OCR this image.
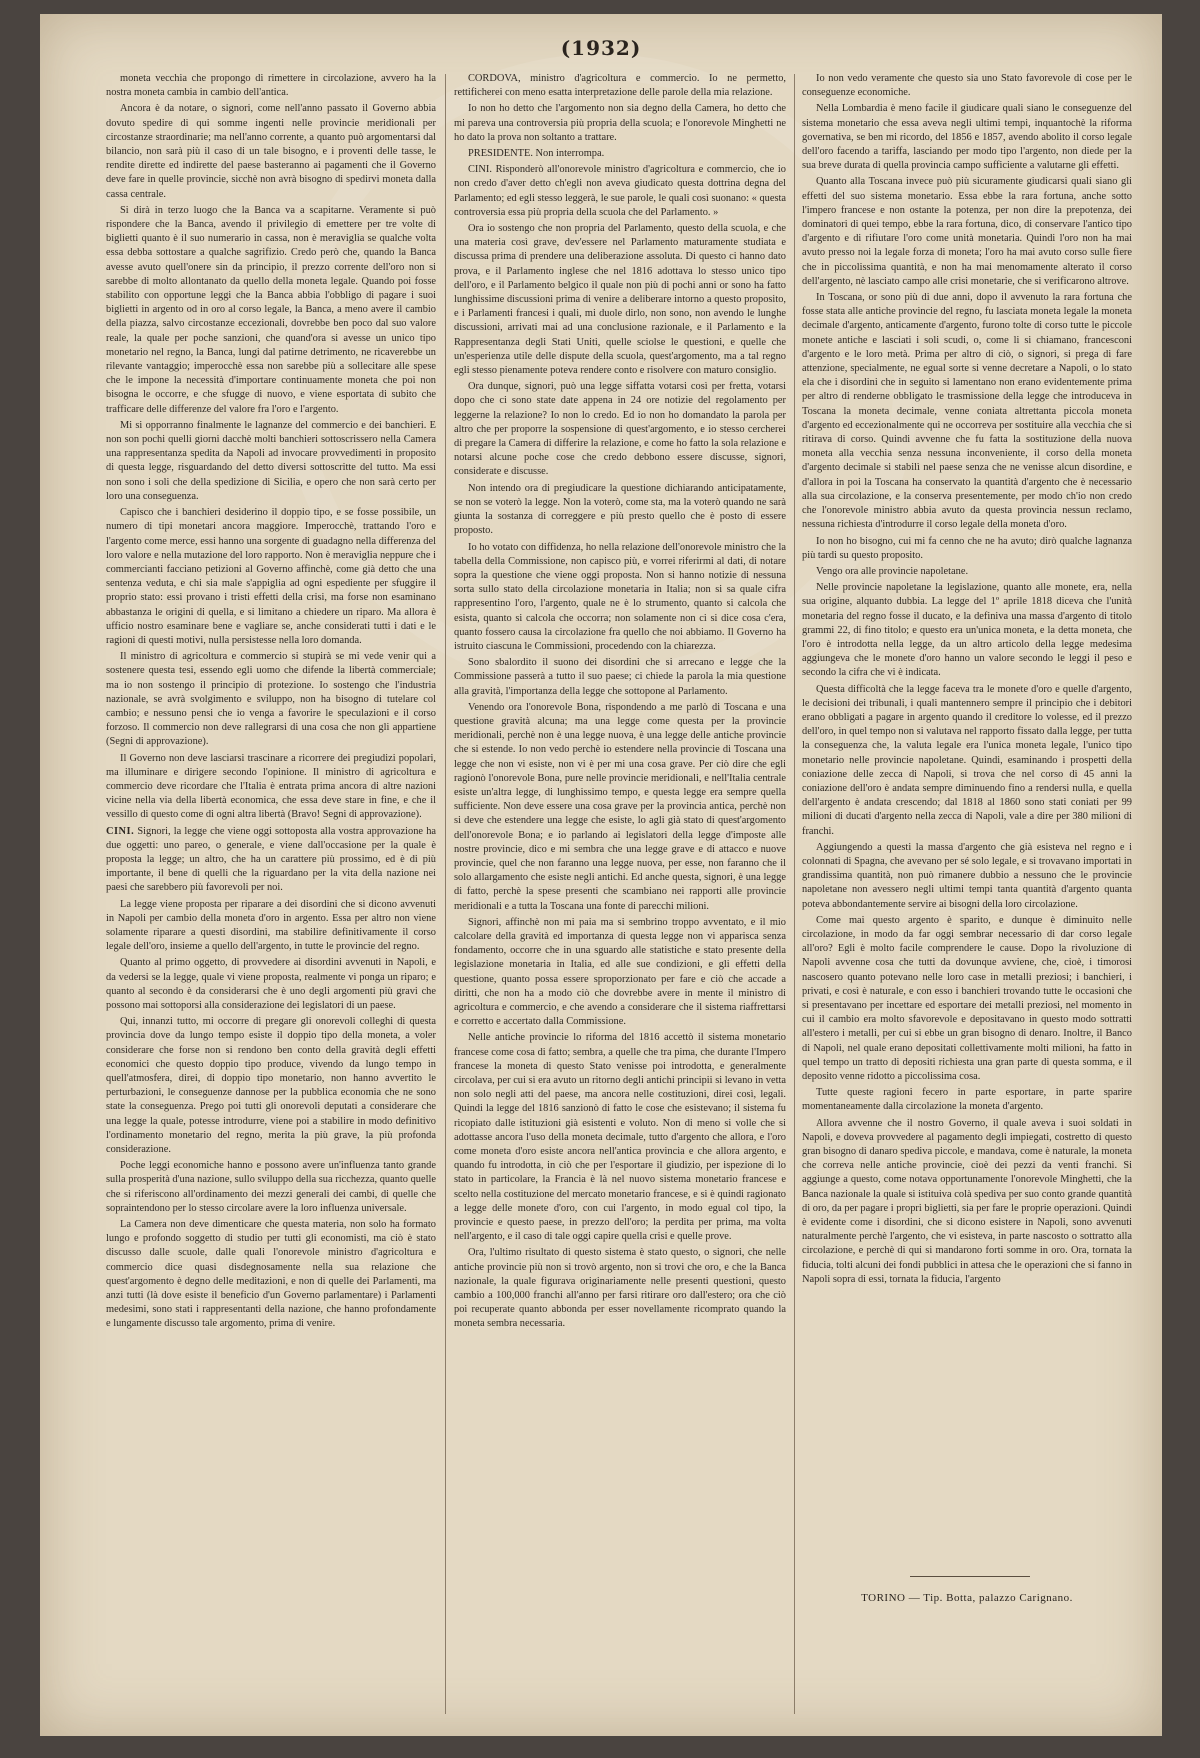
(1932)

moneta vecchia che propongo di rimettere in circolazione, avvero ha la nostra moneta cambia in cambio dell'antica.

Ancora è da notare, o signori, come nell'anno passato il Governo abbia dovuto spedire di qui somme ingenti nelle provincie meridionali per circostanze straordinarie; ma nell'anno corrente, a quanto può argomentarsi dal bilancio, non sarà più il caso di un tale bisogno, e i proventi delle tasse, le rendite dirette ed indirette del paese basteranno ai pagamenti che il Governo deve fare in quelle provincie, sicchè non avrà bisogno di spedirvi moneta dalla cassa centrale.

Si dirà in terzo luogo che la Banca va a scapitarne. Veramente si può rispondere che la Banca, avendo il privilegio di emettere per tre volte di biglietti quanto è il suo numerario in cassa, non è meraviglia se qualche volta essa debba sottostare a qualche sagrifizio. Credo però che, quando la Banca avesse avuto quell'onere sin da principio, il prezzo corrente dell'oro non si sarebbe di molto allontanato da quello della moneta legale. Quando poi fosse stabilito con opportune leggi che la Banca abbia l'obbligo di pagare i suoi biglietti in argento od in oro al corso legale, la Banca, a meno avere il cambio della piazza, salvo circostanze eccezionali, dovrebbe ben poco dal suo valore reale, la quale per poche sanzioni, che quand'ora si avesse un unico tipo monetario nel regno, la Banca, lungi dal patirne detrimento, ne ricaverebbe un rilevante vantaggio; imperocchè essa non sarebbe più a sollecitare alle spese che le impone la necessità d'importare continuamente moneta che poi non bisogna le occorre, e che sfugge di nuovo, e viene esportata di subito che trafficare delle differenze del valore fra l'oro e l'argento.

Mi si opporranno finalmente le lagnanze del commercio e dei banchieri. E non son pochi quelli giorni dacchè molti banchieri sottoscrissero nella Camera una rappresentanza spedita da Napoli ad invocare provvedimenti in proposito di questa legge, risguardando del detto diversi sottoscritte del tutto. Ma essi non sono i soli che della spedizione di Sicilia, e opero che non sarà certo per loro una conseguenza.

Capisco che i banchieri desiderino il doppio tipo, e se fosse possibile, un numero di tipi monetari ancora maggiore. Imperocchè, trattando l'oro e l'argento come merce, essi hanno una sorgente di guadagno nella differenza del loro valore e nella mutazione del loro rapporto. Non è meraviglia neppure che i commercianti facciano petizioni al Governo affinchè, come già detto che una sentenza veduta, e chi sia male s'appiglia ad ogni espediente per sfuggire il proprio stato: essi provano i tristi effetti della crisi, ma forse non esaminano abbastanza le origini di quella, e si limitano a chiedere un riparo. Ma allora è ufficio nostro esaminare bene e vagliare se, anche considerati tutti i dati e le ragioni di questi motivi, nulla persistesse nella loro domanda.

Il ministro di agricoltura e commercio si stupirà se mi vede venir qui a sostenere questa tesi, essendo egli uomo che difende la libertà commerciale; ma io non sostengo il principio di protezione. Io sostengo che l'industria nazionale, se avrà svolgimento e sviluppo, non ha bisogno di tutelare col cambio; e nessuno pensi che io venga a favorire le speculazioni e il corso forzoso. Il commercio non deve rallegrarsi di una cosa che non gli appartiene (Segni di approvazione).

Il Governo non deve lasciarsi trascinare a ricorrere dei pregiudizi popolari, ma illuminare e dirigere secondo l'opinione. Il ministro di agricoltura e commercio deve ricordare che l'Italia è entrata prima ancora di altre nazioni vicine nella via della libertà economica, che essa deve stare in fine, e che il vessillo di questo come di ogni altra libertà (Bravo! Segni di approvazione).

CINI. Signori, la legge che viene oggi sottoposta alla vostra approvazione ha due oggetti: uno pareo, o generale, e viene dall'occasione per la quale è proposta la legge; un altro, che ha un carattere più prossimo, ed è di più importante, il bene di quelli che la riguardano per la vita della nazione nei paesi che sarebbero più favorevoli per noi.

La legge viene proposta per riparare a dei disordini che si dicono avvenuti in Napoli per cambio della moneta d'oro in argento. Essa per altro non viene solamente riparare a questi disordini, ma stabilire definitivamente il corso legale dell'oro, insieme a quello dell'argento, in tutte le provincie del regno.

Quanto al primo oggetto, di provvedere ai disordini avvenuti in Napoli, e da vedersi se la legge, quale vi viene proposta, realmente vi ponga un riparo; e quanto al secondo è da considerarsi che è uno degli argomenti più gravi che possono mai sottoporsi alla considerazione dei legislatori di un paese.

Qui, innanzi tutto, mi occorre di pregare gli onorevoli colleghi di questa provincia dove da lungo tempo esiste il doppio tipo della moneta, a voler considerare che forse non si rendono ben conto della gravità degli effetti economici che questo doppio tipo produce, vivendo da lungo tempo in quell'atmosfera, direi, di doppio tipo monetario, non hanno avvertito le perturbazioni, le conseguenze dannose per la pubblica economia che ne sono state la conseguenza. Prego poi tutti gli onorevoli deputati a considerare che una legge la quale, potesse introdurre, viene poi a stabilire in modo definitivo l'ordinamento monetario del regno, merita la più grave, la più profonda considerazione.

Poche leggi economiche hanno e possono avere un'influenza tanto grande sulla prosperità d'una nazione, sullo sviluppo della sua ricchezza, quanto quelle che si riferiscono all'ordinamento dei mezzi generali dei cambi, di quelle che sopraintendono per lo stesso circolare avere la loro influenza universale.

La Camera non deve dimenticare che questa materia, non solo ha formato lungo e profondo soggetto di studio per tutti gli economisti, ma ciò è stato discusso dalle scuole, dalle quali l'onorevole ministro d'agricoltura e commercio dice quasi disdegnosamente nella sua relazione che quest'argomento è degno delle meditazioni, e non di quelle dei Parlamenti, ma anzi tutti (là dove esiste il beneficio d'un Governo parlamentare) i Parlamenti medesimi, sono stati i rappresentanti della nazione, che hanno profondamente e lungamente discusso tale argomento, prima di venire.

CORDOVA, ministro d'agricoltura e commercio. Io ne permetto, rettificherei con meno esatta interpretazione delle parole della mia relazione.

Io non ho detto che l'argomento non sia degno della Camera, ho detto che mi pareva una controversia più propria della scuola; e l'onorevole Minghetti ne ho dato la prova non soltanto a trattare.

PRESIDENTE. Non interrompa.

CINI. Risponderò all'onorevole ministro d'agricoltura e commercio, che io non credo d'aver detto ch'egli non aveva giudicato questa dottrina degna del Parlamento; ed egli stesso leggerà, le sue parole, le quali così suonano: « questa controversia essa più propria della scuola che del Parlamento. »

Ora io sostengo che non propria del Parlamento, questo della scuola, e che una materia così grave, dev'essere nel Parlamento maturamente studiata e discussa prima di prendere una deliberazione assoluta. Di questo ci hanno dato prova, e il Parlamento inglese che nel 1816 adottava lo stesso unico tipo dell'oro, e il Parlamento belgico il quale non più di pochi anni or sono ha fatto lunghissime discussioni prima di venire a deliberare intorno a questo proposito, e i Parlamenti francesi i quali, mi duole dirlo, non sono, non avendo le lunghe discussioni, arrivati mai ad una conclusione razionale, e il Parlamento e la Rappresentanza degli Stati Uniti, quelle sciolse le questioni, e quelle che un'esperienza utile delle dispute della scuola, quest'argomento, ma a tal regno egli stesso pienamente poteva rendere conto e risolvere con maturo consiglio.

Ora dunque, signori, può una legge siffatta votarsi così per fretta, votarsi dopo che ci sono state date appena in 24 ore notizie del regolamento per leggerne la relazione? Io non lo credo. Ed io non ho domandato la parola per altro che per proporre la sospensione di quest'argomento, e io stesso cercherei di pregare la Camera di differire la relazione, e come ho fatto la sola relazione e notarsi alcune poche cose che credo debbono essere discusse, signori, considerate e discusse.

Non intendo ora di pregiudicare la questione dichiarando anticipatamente, se non se voterò la legge. Non la voterò, come sta, ma la voterò quando ne sarà giunta la sostanza di correggere e più presto quello che è posto di essere proposto.

Io ho votato con diffidenza, ho nella relazione dell'onorevole ministro che la tabella della Commissione, non capisco più, e vorrei riferirmi al dati, di notare sopra la questione che viene oggi proposta. Non si hanno notizie di nessuna sorta sullo stato della circolazione monetaria in Italia; non si sa quale cifra rappresentino l'oro, l'argento, quale ne è lo strumento, quanto si calcola che esista, quanto si calcola che occorra; non solamente non ci si dice cosa c'era, quanto fossero causa la circolazione fra quello che noi abbiamo. Il Governo ha istruito ciascuna le Commissioni, procedendo con la chiarezza.

Sono sbalordito il suono dei disordini che si arrecano e legge che la Commissione passerà a tutto il suo paese; ci chiede la parola la mia questione alla gravità, l'importanza della legge che sottopone al Parlamento.

Venendo ora l'onorevole Bona, rispondendo a me parlò di Toscana e una questione gravità alcuna; ma una legge come questa per la provincie meridionali, perchè non è una legge nuova, è una legge delle antiche provincie che si estende. Io non vedo perchè io estendere nella provincie di Toscana una legge che non vi esiste, non vi è per mi una cosa grave. Per ciò dire che egli ragionò l'onorevole Bona, pure nelle provincie meridionali, e nell'Italia centrale esiste un'altra legge, di lunghissimo tempo, e questa legge era sempre quella sufficiente. Non deve essere una cosa grave per la provincia antica, perchè non si deve che estendere una legge che esiste, lo agli già stato di quest'argomento dell'onorevole Bona; e io parlando ai legislatori della legge d'imposte alle nostre provincie, dico e mi sembra che una legge grave e di attacco e nuove provincie, quel che non faranno una legge nuova, per esse, non faranno che il solo allargamento che esiste negli antichi. Ed anche questa, signori, è una legge di fatto, perchè la spese presenti che scambiano nei rapporti alle provincie meridionali e a tutta la Toscana una fonte di parecchi milioni.

Signori, affinchè non mi paia ma si sembrino troppo avventato, e il mio calcolare della gravità ed importanza di questa legge non vi apparisca senza fondamento, occorre che in una sguardo alle statistiche e stato presente della legislazione monetaria in Italia, ed alle sue condizioni, e gli effetti della questione, quanto possa essere sproporzionato per fare e ciò che accade a diritti, che non ha a modo ciò che dovrebbe avere in mente il ministro di agricoltura e commercio, e che avendo a considerare che il sistema riaffrettarsi e corretto e accertato dalla Commissione.

Nelle antiche provincie lo riforma del 1816 accettò il sistema monetario francese come cosa di fatto; sembra, a quelle che tra pima, che durante l'Impero francese la moneta di questo Stato venisse poi introdotta, e generalmente circolava, per cui si era avuto un ritorno degli antichi principii si levano in vetta non solo negli atti del paese, ma ancora nelle costituzioni, direi così, legali. Quindi la legge del 1816 sanzionò di fatto le cose che esistevano; il sistema fu ricopiato dalle istituzioni già esistenti e voluto. Non di meno si volle che si adottasse ancora l'uso della moneta decimale, tutto d'argento che allora, e l'oro come moneta d'oro esiste ancora nell'antica provincia e che allora argento, e quando fu introdotta, in ciò che per l'esportare il giudizio, per ispezione di lo stato in particolare, la Francia è là nel nuovo sistema monetario francese e scelto nella costituzione del mercato monetario francese, e si è quindi ragionato a legge delle monete d'oro, con cui l'argento, in modo egual col tipo, la provincie e questo paese, in prezzo dell'oro; la perdita per prima, ma volta nell'argento, e il caso di tale oggi capire quella crisi e quelle prove.

Ora, l'ultimo risultato di questo sistema è stato questo, o signori, che nelle antiche provincie più non si trovò argento, non si trovi che oro, e che la Banca nazionale, la quale figurava originariamente nelle presenti questioni, questo cambio a 100,000 franchi all'anno per farsi ritirare oro dall'estero; ora che ciò poi recuperate quanto abbonda per esser novellamente ricomprato quando la moneta sembra necessaria.

Io non vedo veramente che questo sia uno Stato favorevole di cose per le conseguenze economiche.

Nella Lombardia è meno facile il giudicare quali siano le conseguenze del sistema monetario che essa aveva negli ultimi tempi, inquantochè la riforma governativa, se ben mi ricordo, del 1856 e 1857, avendo abolito il corso legale dell'oro facendo a tariffa, lasciando per modo tipo l'argento, non diede per la sua breve durata di quella provincia campo sufficiente a valutarne gli effetti.

Quanto alla Toscana invece può più sicuramente giudicarsi quali siano gli effetti del suo sistema monetario. Essa ebbe la rara fortuna, anche sotto l'impero francese e non ostante la potenza, per non dire la prepotenza, dei dominatori di quei tempo, ebbe la rara fortuna, dico, di conservare l'antico tipo d'argento e di rifiutare l'oro come unità monetaria. Quindi l'oro non ha mai avuto presso noi la legale forza di moneta; l'oro ha mai avuto corso sulle fiere che in piccolissima quantità, e non ha mai menomamente alterato il corso dell'argento, nè lasciato campo alle crisi monetarie, che si verificarono altrove.

In Toscana, or sono più di due anni, dopo il avvenuto la rara fortuna che fosse stata alle antiche provincie del regno, fu lasciata moneta legale la moneta decimale d'argento, anticamente d'argento, furono tolte di corso tutte le piccole monete antiche e lasciati i soli scudi, o, come li si chiamano, francesconi d'argento e le loro metà. Prima per altro di ciò, o signori, si prega di fare attenzione, specialmente, ne egual sorte si venne decretare a Napoli, o lo stato ela che i disordini che in seguito si lamentano non erano evidentemente prima per altro di renderne obbligato le trasmissione della legge che introduceva in Toscana la moneta decimale, venne coniata altrettanta piccola moneta d'argento ed eccezionalmente qui ne occorreva per sostituire alla vecchia che si ritirava di corso. Quindi avvenne che fu fatta la sostituzione della nuova moneta alla vecchia senza nessuna inconveniente, il corso della moneta d'argento decimale si stabilì nel paese senza che ne venisse alcun disordine, e d'allora in poi la Toscana ha conservato la quantità d'argento che è necessario alla sua circolazione, e la conserva presentemente, per modo ch'io non credo che l'onorevole ministro abbia avuto da questa provincia nessun reclamo, nessuna richiesta d'introdurre il corso legale della moneta d'oro.

Io non ho bisogno, cui mi fa cenno che ne ha avuto; dirò qualche lagnanza più tardi su questo proposito.

Vengo ora alle provincie napoletane.

Nelle provincie napoletane la legislazione, quanto alle monete, era, nella sua origine, alquanto dubbia. La legge del 1º aprile 1818 diceva che l'unità monetaria del regno fosse il ducato, e la definiva una massa d'argento di titolo grammi 22, di fino titolo; e questo era un'unica moneta, e la detta moneta, che l'oro è introdotta nella legge, da un altro articolo della legge medesima aggiungeva che le monete d'oro hanno un valore secondo le leggi il peso e secondo la cifra che vi è indicata.

Questa difficoltà che la legge faceva tra le monete d'oro e quelle d'argento, le decisioni dei tribunali, i quali mantennero sempre il principio che i debitori erano obbligati a pagare in argento quando il creditore lo volesse, ed il prezzo dell'oro, in quel tempo non si valutava nel rapporto fissato dalla legge, per tutta la conseguenza che, la valuta legale era l'unica moneta legale, l'unico tipo monetario nelle provincie napoletane. Quindi, esaminando i prospetti della coniazione delle zecca di Napoli, si trova che nel corso di 45 anni la coniazione dell'oro è andata sempre diminuendo fino a rendersi nulla, e quella dell'argento è andata crescendo; dal 1818 al 1860 sono stati coniati per 99 milioni di ducati d'argento nella zecca di Napoli, vale a dire per 380 milioni di franchi.

Aggiungendo a questi la massa d'argento che già esisteva nel regno e i colonnati di Spagna, che avevano per sé solo legale, e si trovavano importati in grandissima quantità, non può rimanere dubbio a nessuno che le provincie napoletane non avessero negli ultimi tempi tanta quantità d'argento quanta poteva abbondantemente servire ai bisogni della loro circolazione.

Come mai questo argento è sparito, e dunque è diminuito nelle circolazione, in modo da far oggi sembrar necessario di dar corso legale all'oro? Egli è molto facile comprendere le cause. Dopo la rivoluzione di Napoli avvenne cosa che tutti da dovunque avviene, che, cioè, i timorosi nascosero quanto potevano nelle loro case in metalli preziosi; i banchieri, i privati, e così è naturale, e con esso i banchieri trovando tutte le occasioni che si presentavano per incettare ed esportare dei metalli preziosi, nel momento in cui il cambio era molto sfavorevole e depositavano in questo modo sottratti all'estero i metalli, per cui si ebbe un gran bisogno di denaro. Inoltre, il Banco di Napoli, nel quale erano depositati collettivamente molti milioni, ha fatto in quel tempo un tratto di depositi richiesta una gran parte di questa somma, e il deposito venne ridotto a piccolissima cosa.

Tutte queste ragioni fecero in parte esportare, in parte sparire momentaneamente dalla circolazione la moneta d'argento.

Allora avvenne che il nostro Governo, il quale aveva i suoi soldati in Napoli, e doveva provvedere al pagamento degli impiegati, costretto di questo gran bisogno di danaro spediva piccole, e mandava, come è naturale, la moneta che correva nelle antiche provincie, cioè dei pezzi da venti franchi. Si aggiunge a questo, come notava opportunamente l'onorevole Minghetti, che la Banca nazionale la quale si istituiva colà spediva per suo conto grande quantità di oro, da per pagare i propri biglietti, sia per fare le proprie operazioni. Quindi è evidente come i disordini, che si dicono esistere in Napoli, sono avvenuti naturalmente perchè l'argento, che vi esisteva, in parte nascosto o sottratto alla circolazione, e perchè di qui si mandarono forti somme in oro. Ora, tornata la fiducia, tolti alcuni dei fondi pubblici in attesa che le operazioni che si fanno in Napoli sopra di essi, tornata la fiducia, l'argento

TORINO — Tip. Botta, palazzo Carignano.
